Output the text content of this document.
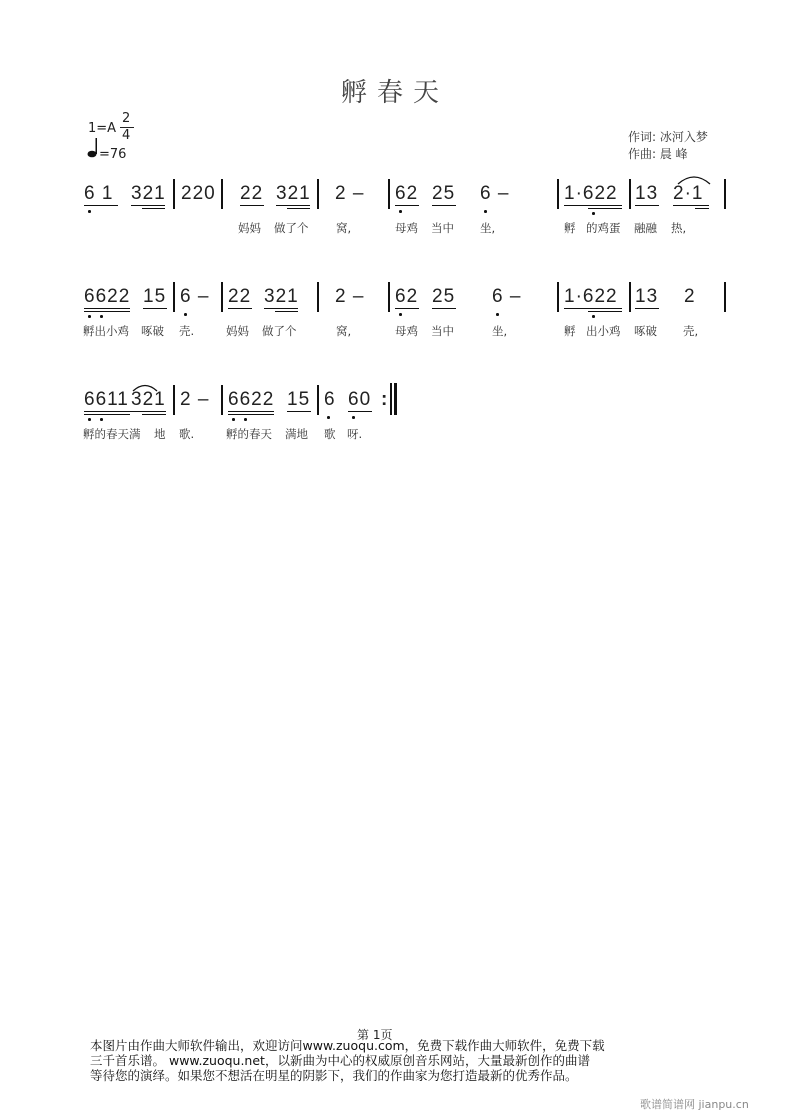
孵春天
1=A
2
4
=76
作词: 冰河入梦
作曲: 晨 峰
6 1 321 220 22 321 2 – 62 25 6 –	1·622 13 2·1
妈妈 做了个 窝,	母鸡 当中 坐,	孵 的鸡蛋 融融 热,
6622 15 6 – 22 321 2 – 62 25 6 – 1·622 13 2
孵出小鸡 啄破 壳.	妈妈 做了个	窝,	母鸡 当中	坐,	孵 出小鸡 啄破 壳,
6611 321 2 – 6622 15 6 60 :
孵的春天满 地 歌.	孵的春天 满地 歌 呀.
第 1页
本图片由作曲大师软件输出，欢迎访问www.zuoqu.com，免费下载作曲大师软件，免费下载
三千首乐谱。 www.zuoqu.net，以新曲为中心的权威原创音乐网站，大量最新创作的曲谱
等待您的演绎。如果您不想活在明星的阴影下，我们的作曲家为您打造最新的优秀作品。
歌谱简谱网 jianpu.cn
